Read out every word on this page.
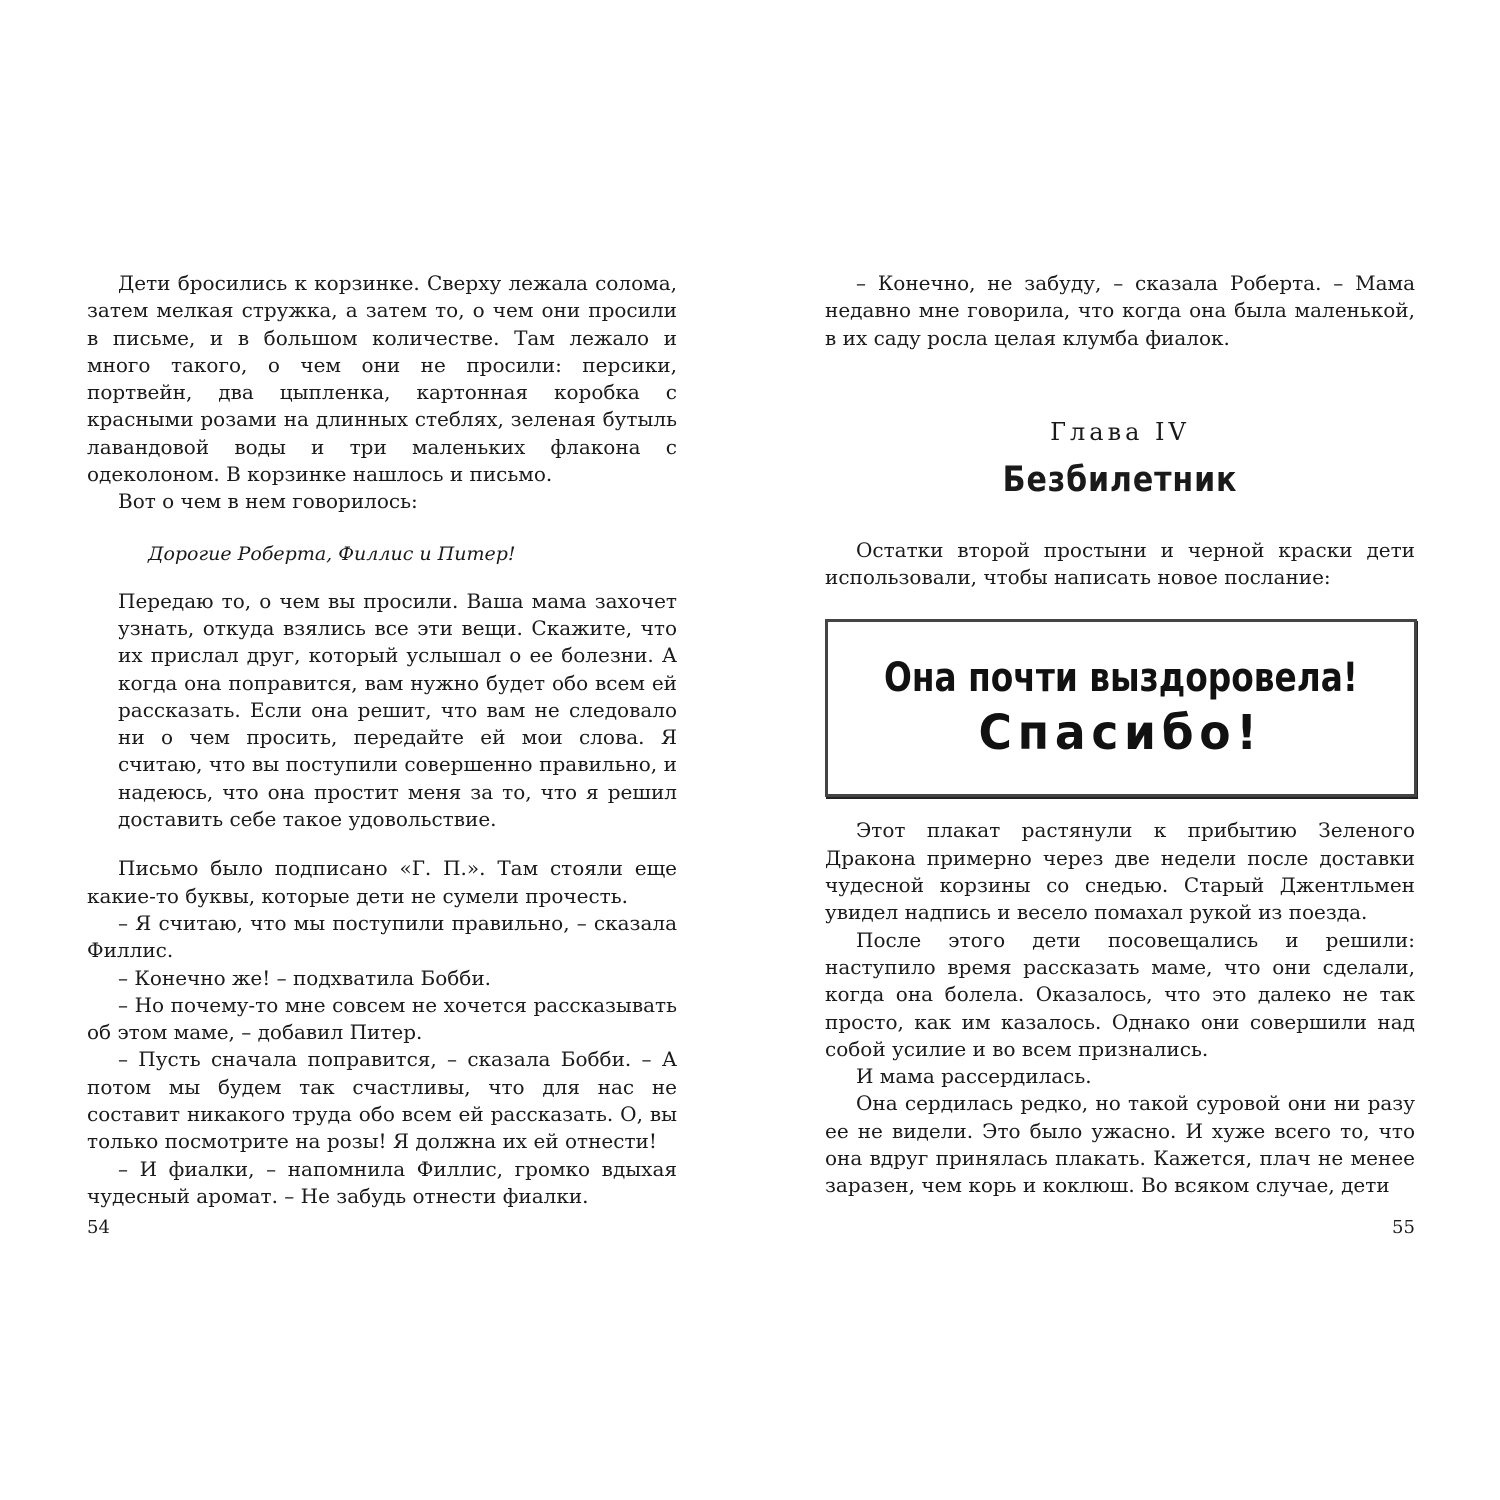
Дети бросились к корзинке. Сверху лежала солома, затем мелкая стружка, а затем то, о чем они просили в письме, и в большом количестве. Там лежало и много такого, о чем они не просили: персики, портвейн, два цыпленка, картонная коробка с красными розами на длинных стеблях, зеленая бутыль лавандовой воды и три маленьких флакона с одеколоном. В корзинке нашлось и письмо.

Вот о чем в нем говорилось:

Дорогие Роберта, Филлис и Питер!

Передаю то, о чем вы просили. Ваша мама захочет узнать, откуда взялись все эти вещи. Скажите, что их прислал друг, который услышал о ее болезни. А когда она поправится, вам нужно будет обо всем ей рассказать. Если она решит, что вам не следовало ни о чем просить, передайте ей мои слова. Я считаю, что вы поступили совершенно правильно, и надеюсь, что она простит меня за то, что я решил доставить себе такое удовольствие.

Письмо было подписано «Г. П.». Там стояли еще какие-то буквы, которые дети не сумели прочесть.

– Я считаю, что мы поступили правильно, – сказала Филлис.

– Конечно же! – подхватила Бобби.

– Но почему-то мне совсем не хочется рассказывать об этом маме, – добавил Питер.

– Пусть сначала поправится, – сказала Бобби. – А потом мы будем так счастливы, что для нас не составит никакого труда обо всем ей рассказать. О, вы только посмотрите на розы! Я должна их ей отнести!

– И фиалки, – напомнила Филлис, громко вдыхая чудесный аромат. – Не забудь отнести фиалки.

54

– Конечно, не забуду, – сказала Роберта. – Мама недавно мне говорила, что когда она была маленькой, в их саду росла целая клумба фиалок.

Глава IV
Безбилетник

Остатки второй простыни и черной краски дети использовали, чтобы написать новое послание:

Она почти выздоровела!
Спасибо!

Этот плакат растянули к прибытию Зеленого Дракона примерно через две недели после доставки чудесной корзины со снедью. Старый Джентльмен увидел надпись и весело помахал рукой из поезда.

После этого дети посовещались и решили: наступило время рассказать маме, что они сделали, когда она болела. Оказалось, что это далеко не так просто, как им казалось. Однако они совершили над собой усилие и во всем признались.

И мама рассердилась.

Она сердилась редко, но такой суровой они ни разу ее не видели. Это было ужасно. И хуже всего то, что она вдруг принялась плакать. Кажется, плач не менее заразен, чем корь и коклюш. Во всяком случае, дети

55
